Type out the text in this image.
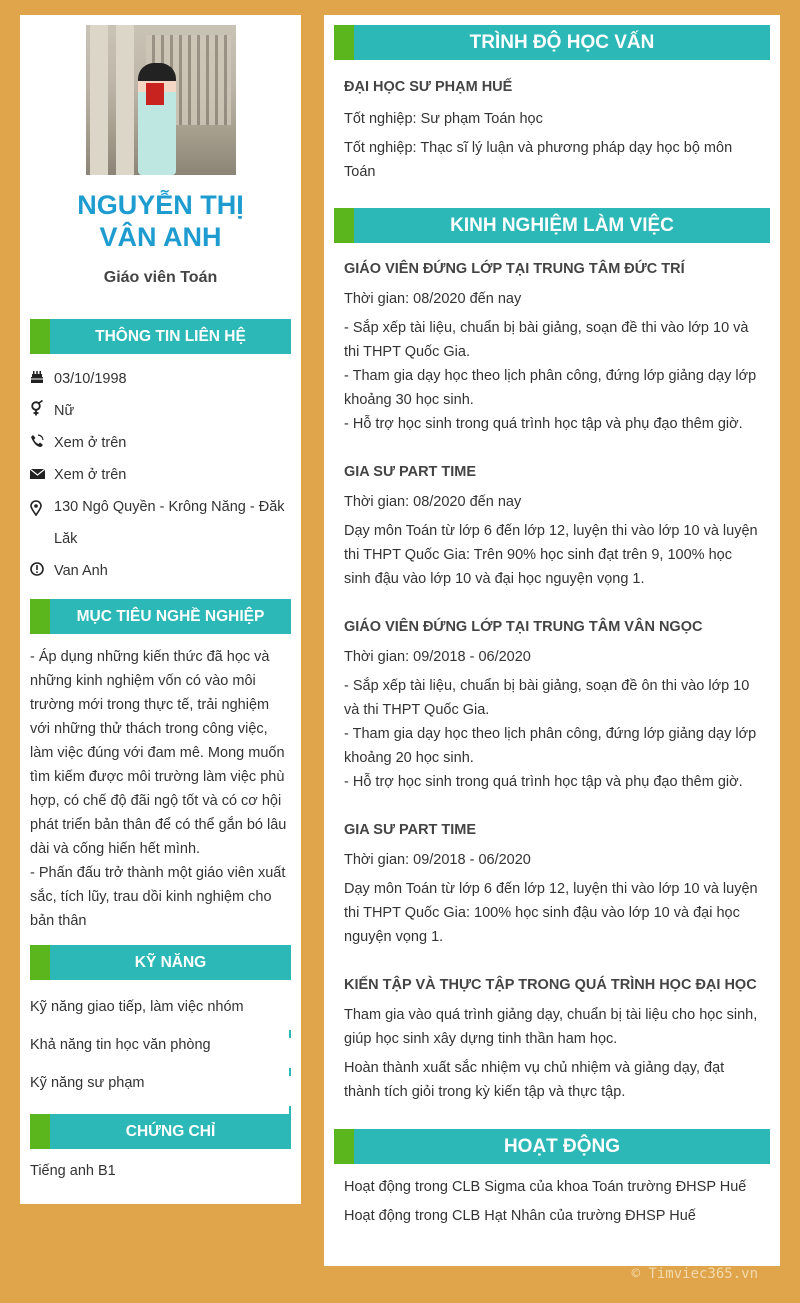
NGUYỄN THỊ VÂN ANH
Giáo viên Toán
THÔNG TIN LIÊN HỆ
03/10/1998
Nữ
Xem ở trên
Xem ở trên
130 Ngô Quyền - Krông Năng - Đăk Lăk
Van Anh
MỤC TIÊU NGHỀ NGHIỆP
- Áp dụng những kiến thức đã học và những kinh nghiệm vốn có vào môi trường mới trong thực tế, trải nghiệm với những thử thách trong công việc, làm việc đúng với đam mê. Mong muốn tìm kiếm được môi trường làm việc phù hợp, có chế độ đãi ngộ tốt và có cơ hội phát triển bản thân để có thể gắn bó lâu dài và cống hiến hết mình.
- Phấn đấu trở thành một giáo viên xuất sắc, tích lũy, trau dồi kinh nghiệm cho bản thân
KỸ NĂNG
Kỹ năng giao tiếp, làm việc nhóm
Khả năng tin học văn phòng
Kỹ năng sư phạm
CHỨNG CHỈ
Tiếng anh B1
TRÌNH ĐỘ HỌC VẤN
ĐẠI HỌC SƯ PHẠM HUẾ
Tốt nghiệp: Sư phạm Toán học
Tốt nghiệp: Thạc sĩ lý luận và phương pháp dạy học bộ môn Toán
KINH NGHIỆM LÀM VIỆC
GIÁO VIÊN ĐỨNG LỚP TẠI TRUNG TÂM ĐỨC TRÍ
Thời gian: 08/2020 đến nay
- Sắp xếp tài liệu, chuẩn bị bài giảng, soạn đề thi vào lớp 10 và thi THPT Quốc Gia.
- Tham gia dạy học theo lịch phân công, đứng lớp giảng dạy lớp khoảng 30 học sinh.
- Hỗ trợ học sinh trong quá trình học tập và phụ đạo thêm giờ.
GIA SƯ PART TIME
Thời gian: 08/2020 đến nay
Dạy môn Toán từ lớp 6 đến lớp 12, luyện thi vào lớp 10 và luyện thi THPT Quốc Gia: Trên 90% học sinh đạt trên 9, 100% học sinh đậu vào lớp 10 và đại học nguyện vọng 1.
GIÁO VIÊN ĐỨNG LỚP TẠI TRUNG TÂM VÂN NGỌC
Thời gian: 09/2018 - 06/2020
- Sắp xếp tài liệu, chuẩn bị bài giảng, soạn đề ôn thi vào lớp 10 và thi THPT Quốc Gia.
- Tham gia dạy học theo lịch phân công, đứng lớp giảng dạy lớp khoảng 20 học sinh.
- Hỗ trợ học sinh trong quá trình học tập và phụ đạo thêm giờ.
GIA SƯ PART TIME
Thời gian: 09/2018 - 06/2020
Dạy môn Toán từ lớp 6 đến lớp 12, luyện thi vào lớp 10 và luyện thi THPT Quốc Gia: 100% học sinh đậu vào lớp 10 và đại học nguyện vọng 1.
KIẾN TẬP VÀ THỰC TẬP TRONG QUÁ TRÌNH HỌC ĐẠI HỌC
Tham gia vào quá trình giảng dạy, chuẩn bị tài liệu cho học sinh, giúp học sinh xây dựng tinh thần ham học.
Hoàn thành xuất sắc nhiệm vụ chủ nhiệm và giảng dạy, đạt thành tích giỏi trong kỳ kiến tập và thực tập.
HOẠT ĐỘNG
Hoạt động trong CLB Sigma của khoa Toán trường ĐHSP Huế
Hoạt động trong CLB Hạt Nhân của trường ĐHSP Huế
© Timviec365.vn
